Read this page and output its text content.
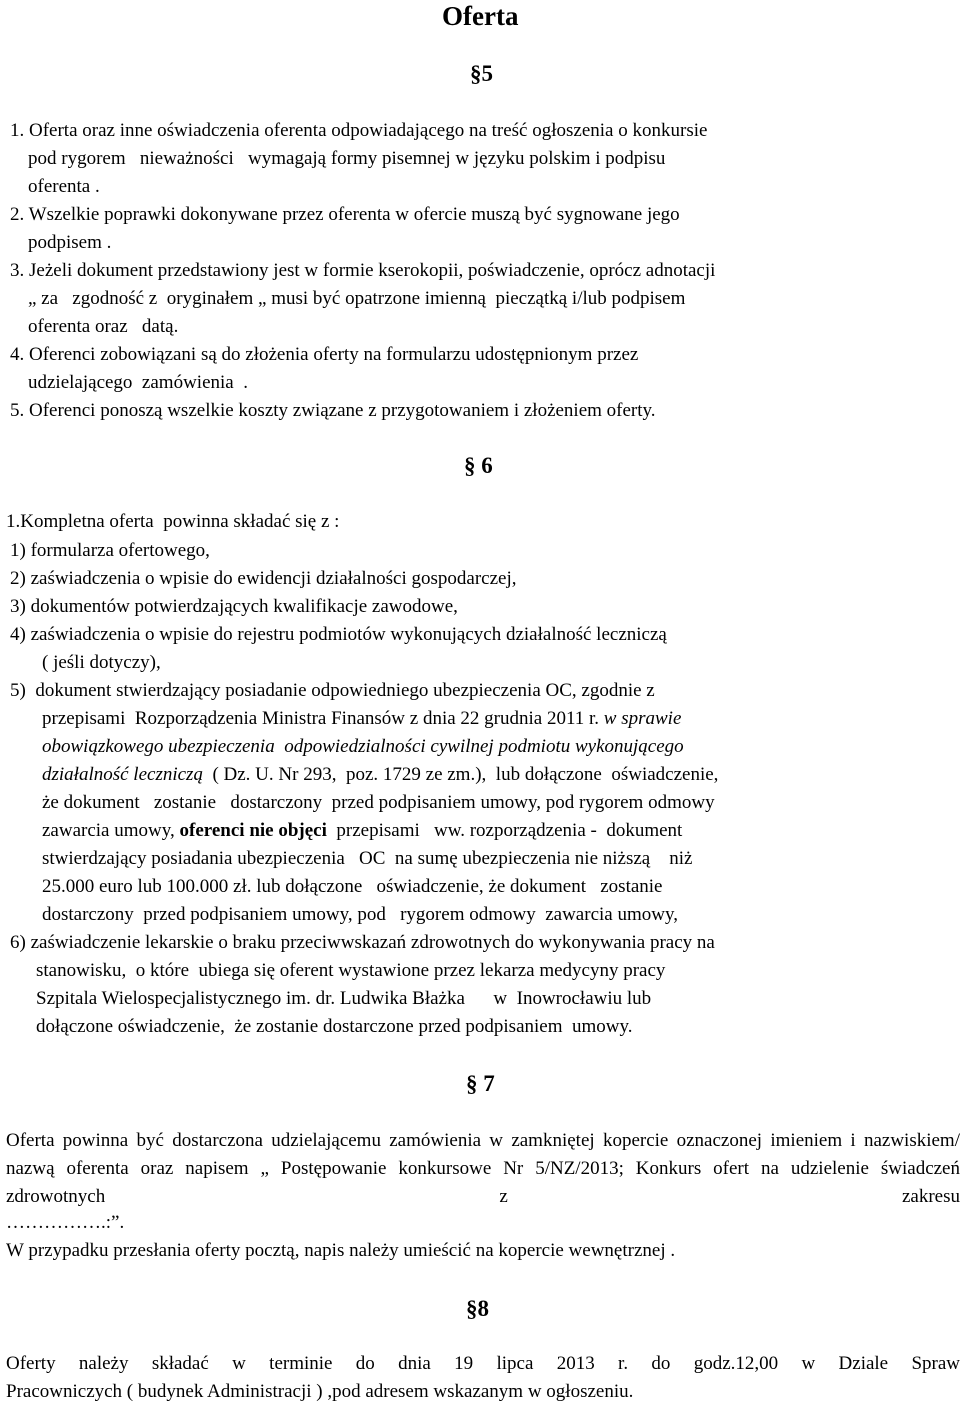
Oferta
§5
1. Oferta oraz inne oświadczenia oferenta odpowiadającego na treść ogłoszenia o konkursie
pod rygorem   nieważności   wymagają formy pisemnej w języku polskim i podpisu
oferenta .
2. Wszelkie poprawki dokonywane przez oferenta w ofercie muszą być sygnowane jego
podpisem .
3. Jeżeli dokument przedstawiony jest w formie kserokopii, poświadczenie, oprócz adnotacji
„ za   zgodność z  oryginałem „ musi być opatrzone imienną  pieczątką i/lub podpisem
oferenta oraz   datą.
4. Oferenci zobowiązani są do złożenia oferty na formularzu udostępnionym przez
udzielającego  zamówienia  .
5. Oferenci ponoszą wszelkie koszty związane z przygotowaniem i złożeniem oferty.
§ 6
1.Kompletna oferta  powinna składać się z :
1) formularza ofertowego,
2) zaświadczenia o wpisie do ewidencji działalności gospodarczej,
3) dokumentów potwierdzających kwalifikacje zawodowe,
4) zaświadczenia o wpisie do rejestru podmiotów wykonujących działalność leczniczą
( jeśli dotyczy),
5)  dokument stwierdzający posiadanie odpowiedniego ubezpieczenia OC, zgodnie z
przepisami  Rozporządzenia Ministra Finansów z dnia 22 grudnia 2011 r. w sprawie
obowiązkowego ubezpieczenia  odpowiedzialności cywilnej podmiotu wykonującego
działalność leczniczą  ( Dz. U. Nr 293,  poz. 1729 ze zm.),  lub dołączone  oświadczenie,
że dokument   zostanie   dostarczony  przed podpisaniem umowy, pod rygorem odmowy
zawarcia umowy, oferenci nie objęci  przepisami   ww. rozporządzenia -  dokument
stwierdzający posiadania ubezpieczenia   OC  na sumę ubezpieczenia nie niższą    niż
25.000 euro lub 100.000 zł. lub dołączone   oświadczenie, że dokument   zostanie
dostarczony  przed podpisaniem umowy, pod   rygorem odmowy  zawarcia umowy,
6) zaświadczenie lekarskie o braku przeciwwskazań zdrowotnych do wykonywania pracy na
stanowisku,  o które  ubiega się oferent wystawione przez lekarza medycyny pracy
Szpitala Wielospecjalistycznego im. dr. Ludwika Błażka      w  Inowrocławiu lub
dołączone oświadczenie,  że zostanie dostarczone przed podpisaniem  umowy.
§ 7
Oferta powinna być dostarczona udzielającemu zamówienia w zamkniętej kopercie oznaczonej imieniem i nazwiskiem/ nazwą oferenta oraz napisem „ Postępowanie konkursowe Nr 5/NZ/2013; Konkurs ofert na udzielenie świadczeń zdrowotnych z zakresu
…………….:”.
W przypadku przesłania oferty pocztą, napis należy umieścić na kopercie wewnętrznej .
§8
Oferty należy składać w terminie do dnia 19 lipca 2013 r. do godz.12,00 w Dziale Spraw
Pracowniczych ( budynek Administracji ) ,pod adresem wskazanym w ogłoszeniu.
